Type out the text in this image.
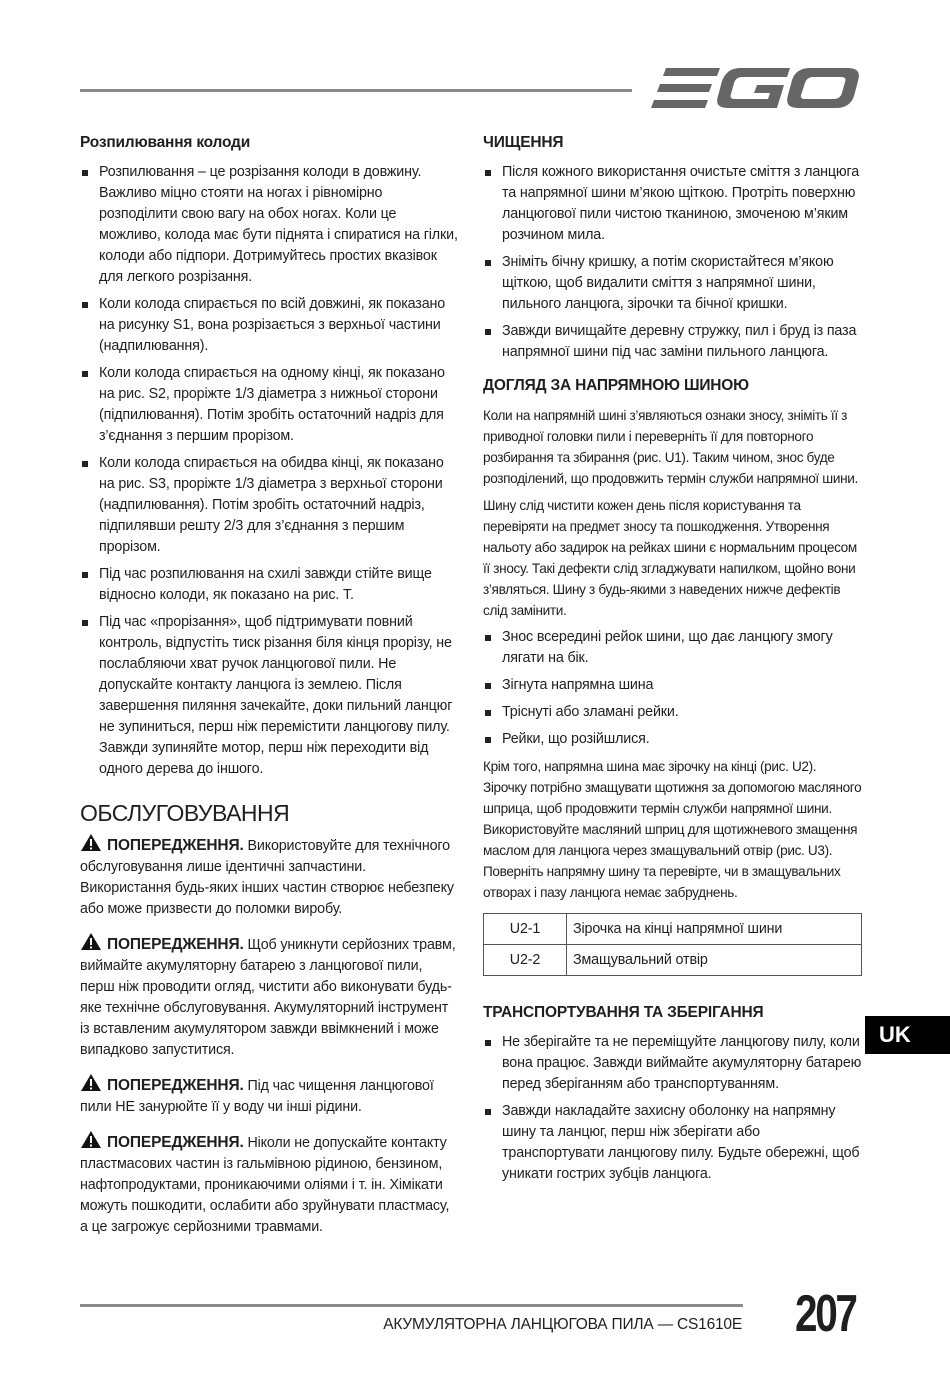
Розпилювання колоди
Розпилювання – це розрізання колоди в довжину. Важливо міцно стояти на ногах і рівномірно розподілити свою вагу на обох ногах. Коли це можливо, колода має бути піднята і спиратися на гілки, колоди або підпори. Дотримуйтесь простих вказівок для легкого розрізання.
Коли колода спирається по всій довжині, як показано на рисунку S1, вона розрізається з верхньої частини (надпилювання).
Коли колода спирається на одному кінці, як показано на рис. S2, проріжте 1/3 діаметра з нижньої сторони (підпилювання). Потім зробіть остаточний надріз для з’єднання з першим прорізом.
Коли колода спирається на обидва кінці, як показано на рис. S3, проріжте 1/3 діаметра з верхньої сторони (надпилювання). Потім зробіть остаточний надріз, підпилявши решту 2/3 для з’єднання з першим прорізом.
Під час розпилювання на схилі завжди стійте вище відносно колоди, як показано на рис. T.
Під час «прорізання», щоб підтримувати повний контроль, відпустіть тиск різання біля кінця прорізу, не послабляючи хват ручок ланцюгової пили. Не допускайте контакту ланцюга із землею. Після завершення пиляння зачекайте, доки пильний ланцюг не зупиниться, перш ніж перемістити ланцюгову пилу. Завжди зупиняйте мотор, перш ніж переходити від одного дерева до іншого.
ОБСЛУГОВУВАННЯ
ПОПЕРЕДЖЕННЯ. Використовуйте для технічного обслуговування лише ідентичні запчастини. Використання будь-яких інших частин створює небезпеку або може призвести до поломки виробу.
ПОПЕРЕДЖЕННЯ. Щоб уникнути серйозних травм, виймайте акумуляторну батарею з ланцюгової пили, перш ніж проводити огляд, чистити або виконувати будь-яке технічне обслуговування. Акумуляторний інструмент із вставленим акумулятором завжди ввімкнений і може випадково запуститися.
ПОПЕРЕДЖЕННЯ. Під час чищення ланцюгової пили НЕ занурюйте її у воду чи інші рідини.
ПОПЕРЕДЖЕННЯ. Ніколи не допускайте контакту пластмасових частин із гальмівною рідиною, бензином, нафтопродуктами, проникаючими оліями і т. ін. Хімікати можуть пошкодити, ослабити або зруйнувати пластмасу, а це загрожує серйозними травмами.
ЧИЩЕННЯ
Після кожного використання очистьте сміття з ланцюга та напрямної шини м’якою щіткою. Протріть поверхню ланцюгової пили чистою тканиною, змоченою м’яким розчином мила.
Зніміть бічну кришку, а потім скористайтеся м’якою щіткою, щоб видалити сміття з напрямної шини, пильного ланцюга, зірочки та бічної кришки.
Завжди вичищайте деревну стружку, пил і бруд із паза напрямної шини під час заміни пильного ланцюга.
ДОГЛЯД ЗА НАПРЯМНОЮ ШИНОЮ

Коли на напрямній шині з’являються ознаки зносу, зніміть її з приводної головки пили і переверніть її для повторного розбирання та збирання (рис. U1). Таким чином, знос буде розподілений, що продовжить термін служби напрямної шини.

Шину слід чистити кожен день після користування та перевіряти на предмет зносу та пошкодження. Утворення нальоту або задирок на рейках шини є нормальним процесом її зносу. Такі дефекти слід згладжувати напилком, щойно вони з’являться. Шину з будь-якими з наведених нижче дефектів слід замінити.

Знос всередині рейок шини, що дає ланцюгу змогу лягати на бік.
Зігнута напрямна шина
Тріснуті або зламані рейки.
Рейки, що розійшлися.

Крім того, напрямна шина має зірочку на кінці (рис. U2). Зірочку потрібно змащувати щотижня за допомогою масляного шприца, щоб продовжити термін служби напрямної шини. Використовуйте масляний шприц для щотижневого змащення маслом для ланцюга через змащувальний отвір (рис. U3). Поверніть напрямну шину та перевірте, чи в змащувальних отворах і пазу ланцюга немає забруднень.

U2-1	Зірочка на кінці напрямної шини
U2-2	Змащувальний отвір
ТРАНСПОРТУВАННЯ ТА ЗБЕРІГАННЯ
Не зберігайте та не переміщуйте ланцюгову пилу, коли вона працює. Завжди виймайте акумуляторну батарею перед зберіганням або транспортуванням.
Завжди накладайте захисну оболонку на напрямну шину та ланцюг, перш ніж зберігати або транспортувати ланцюгову пилу. Будьте обережні, щоб уникати гострих зубців ланцюга.
UK
АКУМУЛЯТОРНА ЛАНЦЮГОВА ПИЛА — CS1610E 207
